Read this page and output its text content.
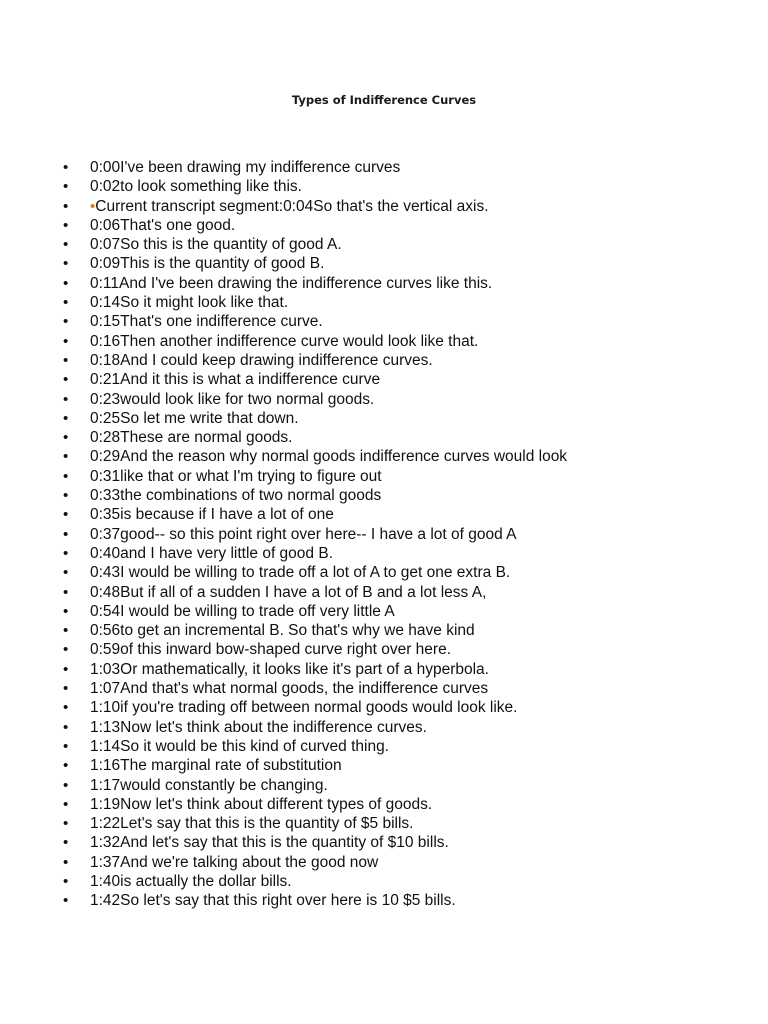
Types of Indifference Curves
• 0:00I've been drawing my indifference curves
• 0:02to look something like this.
• •Current transcript segment:0:04So that's the vertical axis.
• 0:06That's one good.
• 0:07So this is the quantity of good A.
• 0:09This is the quantity of good B.
• 0:11And I've been drawing the indifference curves like this.
• 0:14So it might look like that.
• 0:15That's one indifference curve.
• 0:16Then another indifference curve would look like that.
• 0:18And I could keep drawing indifference curves.
• 0:21And it this is what a indifference curve
• 0:23would look like for two normal goods.
• 0:25So let me write that down.
• 0:28These are normal goods.
• 0:29And the reason why normal goods indifference curves would look
• 0:31like that or what I'm trying to figure out
• 0:33the combinations of two normal goods
• 0:35is because if I have a lot of one
• 0:37good-- so this point right over here-- I have a lot of good A
• 0:40and I have very little of good B.
• 0:43I would be willing to trade off a lot of A to get one extra B.
• 0:48But if all of a sudden I have a lot of B and a lot less A,
• 0:54I would be willing to trade off very little A
• 0:56to get an incremental B. So that's why we have kind
• 0:59of this inward bow-shaped curve right over here.
• 1:03Or mathematically, it looks like it's part of a hyperbola.
• 1:07And that's what normal goods, the indifference curves
• 1:10if you're trading off between normal goods would look like.
• 1:13Now let's think about the indifference curves.
• 1:14So it would be this kind of curved thing.
• 1:16The marginal rate of substitution
• 1:17would constantly be changing.
• 1:19Now let's think about different types of goods.
• 1:22Let's say that this is the quantity of $5 bills.
• 1:32And let's say that this is the quantity of $10 bills.
• 1:37And we're talking about the good now
• 1:40is actually the dollar bills.
• 1:42So let's say that this right over here is 10 $5 bills.
